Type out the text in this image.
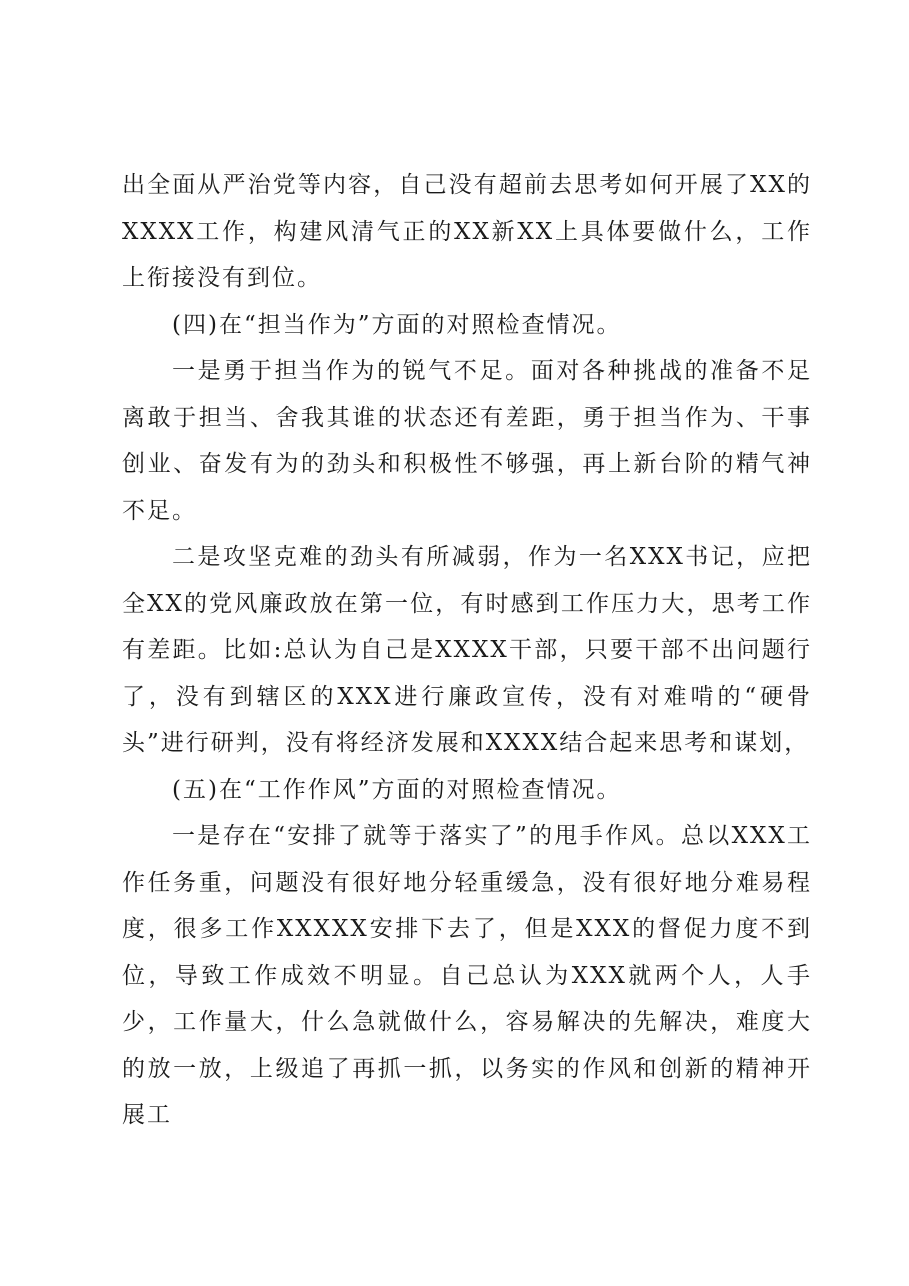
出全面从严治党等内容，自己没有超前去思考如何开展了XX的XXXX工作，构建风清气正的XX新XX上具体要做什么，工作上衔接没有到位。

(四)在“担当作为”方面的对照检查情况。

一是勇于担当作为的锐气不足。面对各种挑战的准备不足离敢于担当、舍我其谁的状态还有差距，勇于担当作为、干事创业、奋发有为的劲头和积极性不够强，再上新台阶的精气神不足。

二是攻坚克难的劲头有所减弱，作为一名XXX书记，应把全XX的党风廉政放在第一位，有时感到工作压力大，思考工作有差距。比如:总认为自己是XXXX干部，只要干部不出问题行了，没有到辖区的XXX进行廉政宣传，没有对难啃的“硬骨头”进行研判，没有将经济发展和XXXX结合起来思考和谋划，

(五)在“工作作风”方面的对照检查情况。

一是存在“安排了就等于落实了”的甩手作风。总以XXX工作任务重，问题没有很好地分轻重缓急，没有很好地分难易程度，很多工作XXXXX安排下去了，但是XXX的督促力度不到位，导致工作成效不明显。自己总认为XXX就两个人，人手少，工作量大，什么急就做什么，容易解决的先解决，难度大的放一放，上级追了再抓一抓，以务实的作风和创新的精神开展工
